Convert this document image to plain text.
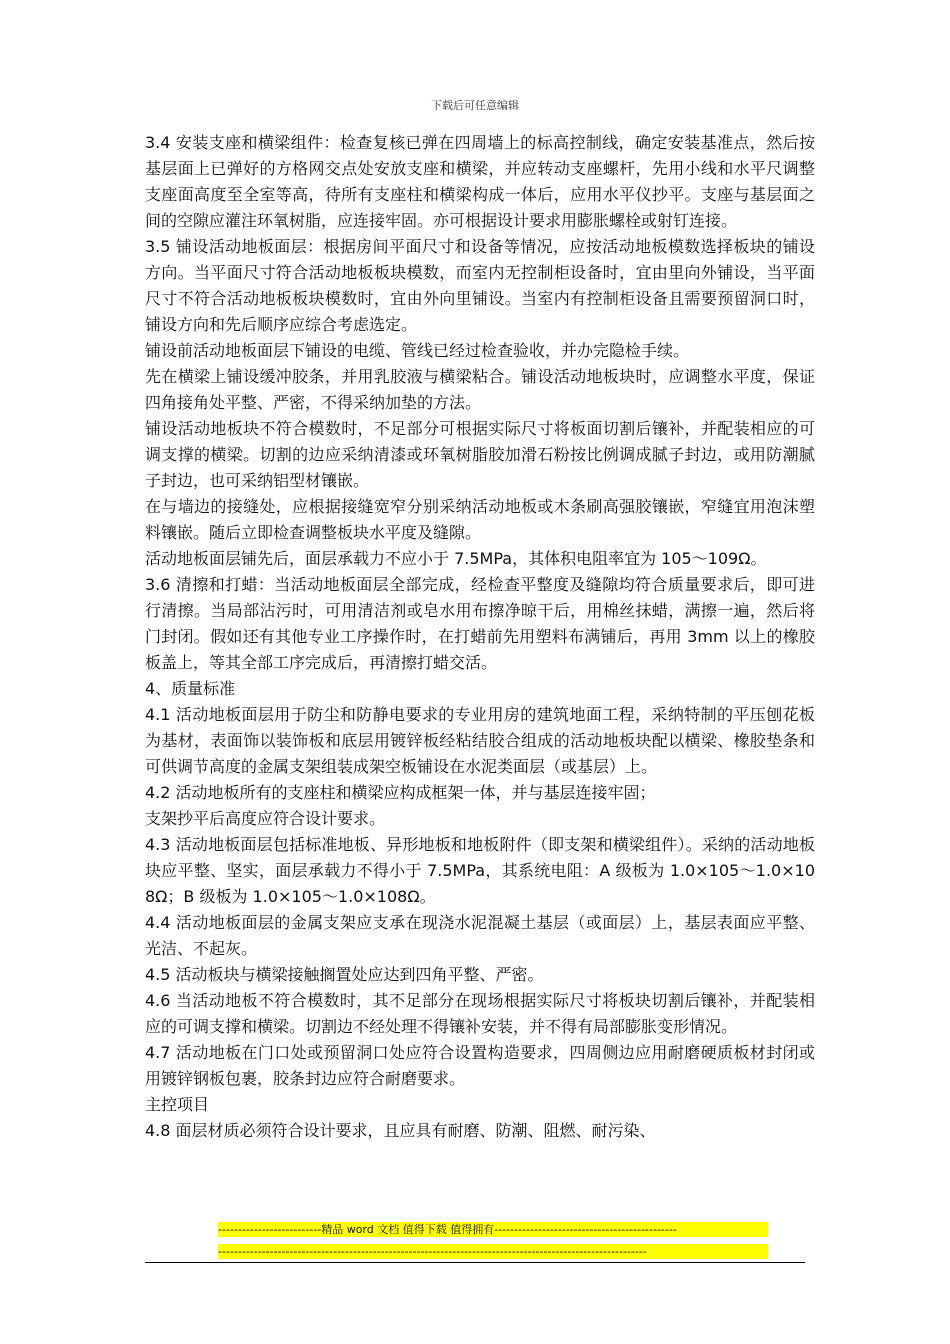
下载后可任意编辑

3.4 安装支座和横梁组件：检查复核已弹在四周墙上的标高控制线，确定安装基准点，然后按基层面上已弹好的方格网交点处安放支座和横梁，并应转动支座螺杆，先用小线和水平尺调整支座面高度至全室等高，待所有支座柱和横梁构成一体后，应用水平仪抄平。支座与基层面之间的空隙应灌注环氧树脂，应连接牢固。亦可根据设计要求用膨胀螺栓或射钉连接。

3.5 铺设活动地板面层：根据房间平面尺寸和设备等情况，应按活动地板模数选择板块的铺设方向。当平面尺寸符合活动地板板块模数，而室内无控制柜设备时，宜由里向外铺设，当平面尺寸不符合活动地板板块模数时，宜由外向里铺设。当室内有控制柜设备且需要预留洞口时，铺设方向和先后顺序应综合考虑选定。

铺设前活动地板面层下铺设的电缆、管线已经过检查验收，并办完隐检手续。

先在横梁上铺设缓冲胶条，并用乳胶液与横梁粘合。铺设活动地板块时，应调整水平度，保证四角接角处平整、严密，不得采纳加垫的方法。

铺设活动地板块不符合模数时，不足部分可根据实际尺寸将板面切割后镶补，并配装相应的可调支撑的横梁。切割的边应采纳清漆或环氧树脂胶加滑石粉按比例调成腻子封边，或用防潮腻子封边，也可采纳铝型材镶嵌。

在与墙边的接缝处，应根据接缝宽窄分别采纳活动地板或木条刷高强胶镶嵌，窄缝宜用泡沫塑料镶嵌。随后立即检查调整板块水平度及缝隙。

活动地板面层铺先后，面层承载力不应小于 7.5MPa，其体积电阻率宜为 105～109Ω。

3.6 清擦和打蜡：当活动地板面层全部完成，经检查平整度及缝隙均符合质量要求后，即可进行清擦。当局部沾污时，可用清洁剂或皂水用布擦净晾干后，用棉丝抹蜡，满擦一遍，然后将门封闭。假如还有其他专业工序操作时，在打蜡前先用塑料布满铺后，再用 3mm 以上的橡胶板盖上，等其全部工序完成后，再清擦打蜡交活。

4、质量标准

4.1 活动地板面层用于防尘和防静电要求的专业用房的建筑地面工程，采纳特制的平压刨花板为基材，表面饰以装饰板和底层用镀锌板经粘结胶合组成的活动地板块配以横梁、橡胶垫条和可供调节高度的金属支架组装成架空板铺设在水泥类面层（或基层）上。

4.2 活动地板所有的支座柱和横梁应构成框架一体，并与基层连接牢固；

支架抄平后高度应符合设计要求。

4.3 活动地板面层包括标准地板、异形地板和地板附件（即支架和横梁组件）。采纳的活动地板块应平整、坚实，面层承载力不得小于 7.5MPa，其系统电阻：A 级板为 1.0×105～1.0×108Ω；B 级板为 1.0×105～1.0×108Ω。

4.4 活动地板面层的金属支架应支承在现浇水泥混凝土基层（或面层）上，基层表面应平整、光洁、不起灰。

4.5 活动板块与横梁接触搁置处应达到四角平整、严密。

4.6 当活动地板不符合模数时，其不足部分在现场根据实际尺寸将板块切割后镶补，并配装相应的可调支撑和横梁。切割边不经处理不得镶补安装，并不得有局部膨胀变形情况。

4.7 活动地板在门口处或预留洞口处应符合设置构造要求，四周侧边应用耐磨硬质板材封闭或用镀锌钢板包裹，胶条封边应符合耐磨要求。

主控项目

4.8 面层材质必须符合设计要求，且应具有耐磨、防潮、阻燃、耐污染、

--------------------------精品 word 文档 值得下载 值得拥有----------------------------------------------
------------------------------------------------------------------------------------------------------------
